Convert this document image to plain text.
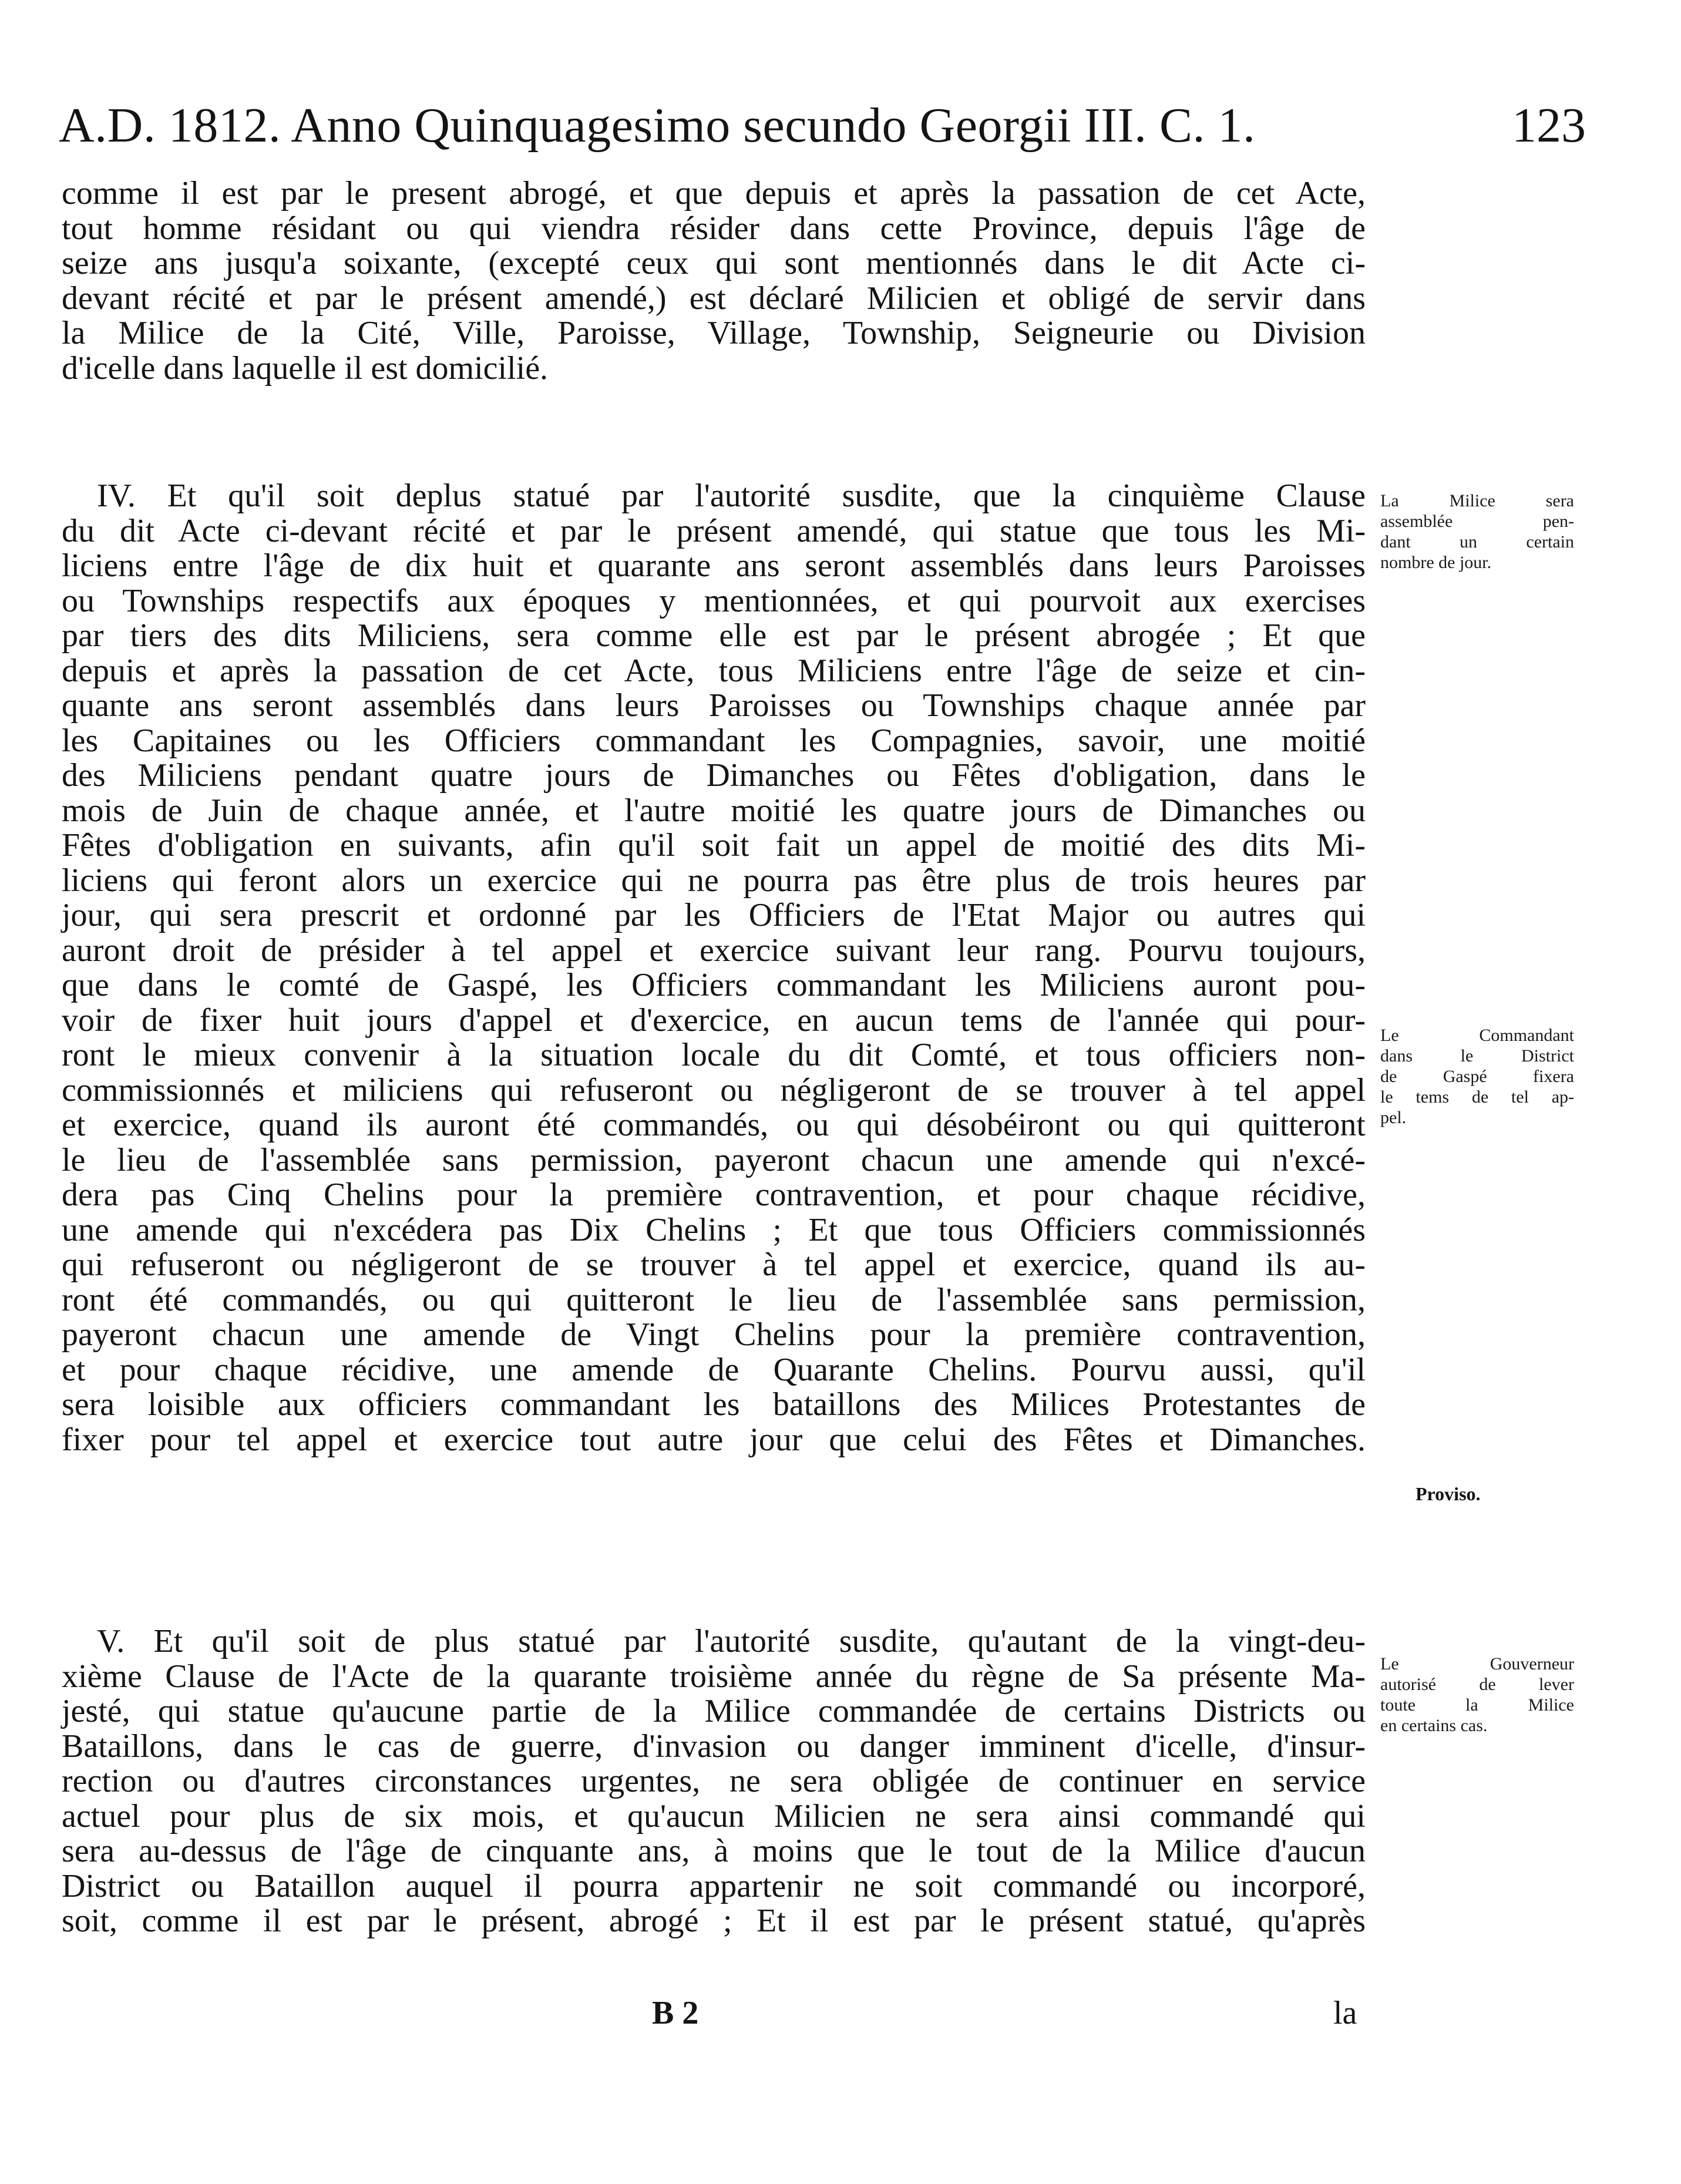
A.D. 1812. Anno Quinquagesimo secundo Georgii III. C. 1.	123
comme il est par le present abrogé, et que depuis et après la passation de cet Acte,
tout homme résidant ou qui viendra résider dans cette Province, depuis l'âge de
seize ans jusqu'a soixante, (excepté ceux qui sont mentionnés dans le dit Acte ci-
devant récité et par le présent amendé,) est déclaré Milicien et obligé de servir dans
la Milice de la Cité, Ville, Paroisse, Village, Township, Seigneurie ou Division
d'icelle dans laquelle il est domicilié.
IV. Et qu'il soit deplus statué par l'autorité susdite, que la cinquième Clause
du dit Acte ci-devant récité et par le présent amendé, qui statue que tous les Mi-
liciens entre l'âge de dix huit et quarante ans seront assemblés dans leurs Paroisses
ou Townships respectifs aux époques y mentionnées, et qui pourvoit aux exercises
par tiers des dits Miliciens, sera comme elle est par le présent abrogée ; Et que
depuis et après la passation de cet Acte, tous Miliciens entre l'âge de seize et cin-
quante ans seront assemblés dans leurs Paroisses ou Townships chaque année par
les Capitaines ou les Officiers commandant les Compagnies, savoir, une moitié
des Miliciens pendant quatre jours de Dimanches ou Fêtes d'obligation, dans le
mois de Juin de chaque année, et l'autre moitié les quatre jours de Dimanches ou
Fêtes d'obligation en suivants, afin qu'il soit fait un appel de moitié des dits Mi-
liciens qui feront alors un exercice qui ne pourra pas être plus de trois heures par
jour, qui sera prescrit et ordonné par les Officiers de l'Etat Major ou autres qui
auront droit de présider à tel appel et exercice suivant leur rang. Pourvu toujours,
que dans le comté de Gaspé, les Officiers commandant les Miliciens auront pou-
voir de fixer huit jours d'appel et d'exercice, en aucun tems de l'année qui pour-
ront le mieux convenir à la situation locale du dit Comté, et tous officiers non-
commissionnés et miliciens qui refuseront ou négligeront de se trouver à tel appel
et exercice, quand ils auront été commandés, ou qui désobéiront ou qui quitteront
le lieu de l'assemblée sans permission, payeront chacun une amende qui n'excé-
dera pas Cinq Chelins pour la première contravention, et pour chaque récidive,
une amende qui n'excédera pas Dix Chelins ; Et que tous Officiers commissionnés
qui refuseront ou négligeront de se trouver à tel appel et exercice, quand ils au-
ront été commandés, ou qui quitteront le lieu de l'assemblée sans permission,
payeront chacun une amende de Vingt Chelins pour la première contravention,
et pour chaque récidive, une amende de Quarante Chelins. Pourvu aussi, qu'il
sera loisible aux officiers commandant les bataillons des Milices Protestantes de
fixer pour tel appel et exercice tout autre jour que celui des Fêtes et Dimanches.
V. Et qu'il soit de plus statué par l'autorité susdite, qu'autant de la vingt-deu-
xième Clause de l'Acte de la quarante troisième année du règne de Sa présente Ma-
jesté, qui statue qu'aucune partie de la Milice commandée de certains Districts ou
Bataillons, dans le cas de guerre, d'invasion ou danger imminent d'icelle, d'insur-
rection ou d'autres circonstances urgentes, ne sera obligée de continuer en service
actuel pour plus de six mois, et qu'aucun Milicien ne sera ainsi commandé qui
sera au-dessus de l'âge de cinquante ans, à moins que le tout de la Milice d'aucun
District ou Bataillon auquel il pourra appartenir ne soit commandé ou incorporé,
soit, comme il est par le présent, abrogé ; Et il est par le présent statué, qu'après
La Milice sera
assemblée pen-
dant un certain
nombre de jour.
Le Commandant
dans le District
de Gaspé fixera
le tems de tel ap-
pel.
Proviso.
Le Gouverneur
autorisé de lever
toute la Milice
en certains cas.
B 2	la
